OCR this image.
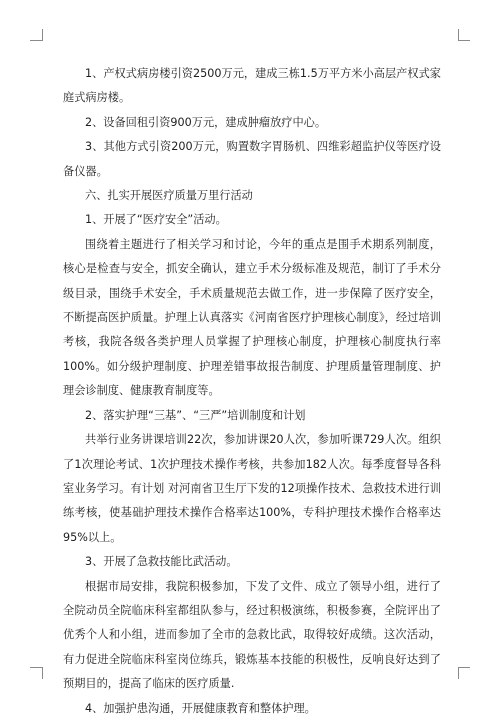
1、产权式病房楼引资2500万元，建成三栋1.5万平方米小高层产权式家庭式病房楼。

2、设备回租引资900万元，建成肿瘤放疗中心。

3、其他方式引资200万元，购置数字胃肠机、四维彩超监护仪等医疗设备仪器。

六、扎实开展医疗质量万里行活动

1、开展了“医疗安全”活动。

围绕着主题进行了相关学习和讨论，今年的重点是围手术期系列制度，核心是检查与安全，抓安全确认，建立手术分级标准及规范，制订了手术分级目录，围绕手术安全，手术质量规范去做工作，进一步保障了医疗安全，不断提高医护质量。护理上认真落实《河南省医疗护理核心制度》，经过培训考核，我院各级各类护理人员掌握了护理核心制度，护理核心制度执行率100%。如分级护理制度、护理差错事故报告制度、护理质量管理制度、护理会诊制度、健康教育制度等。

2、落实护理“三基”、“三严”培训制度和计划

共举行业务讲课培训22次，参加讲课20人次，参加听课729人次。组织了1次理论考试、1次护理技术操作考核，共参加182人次。每季度督导各科室业务学习。有计划 对河南省卫生厅下发的12项操作技术、急救技术进行训练考核，使基础护理技术操作合格率达100%，专科护理技术操作合格率达95%以上。

3、开展了急救技能比武活动。

根据市局安排，我院积极参加，下发了文件、成立了领导小组，进行了全院动员全院临床科室都组队参与，经过积极演练，积极参赛，全院评出了优秀个人和小组，进而参加了全市的急救比武，取得较好成绩。这次活动，有力促进全院临床科室岗位练兵，锻炼基本技能的积极性，反响良好达到了预期目的，提高了临床的医疗质量.

4、加强护患沟通，开展健康教育和整体护理。
